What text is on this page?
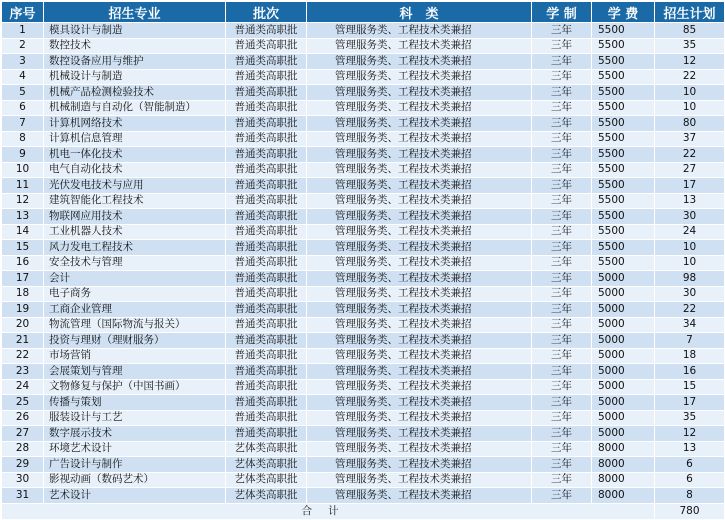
序号	招生专业	批次	科　类	学 制	学 费	招生计划
1	模具设计与制造	普通类高职批	管理服务类、工程技术类兼招	三年	5500	85
2	数控技术	普通类高职批	管理服务类、工程技术类兼招	三年	5500	35
3	数控设备应用与维护	普通类高职批	管理服务类、工程技术类兼招	三年	5500	12
4	机械设计与制造	普通类高职批	管理服务类、工程技术类兼招	三年	5500	22
5	机械产品检测检验技术	普通类高职批	管理服务类、工程技术类兼招	三年	5500	10
6	机械制造与自动化（智能制造）	普通类高职批	管理服务类、工程技术类兼招	三年	5500	10
7	计算机网络技术	普通类高职批	管理服务类、工程技术类兼招	三年	5500	80
8	计算机信息管理	普通类高职批	管理服务类、工程技术类兼招	三年	5500	37
9	机电一体化技术	普通类高职批	管理服务类、工程技术类兼招	三年	5500	22
10	电气自动化技术	普通类高职批	管理服务类、工程技术类兼招	三年	5500	27
11	光伏发电技术与应用	普通类高职批	管理服务类、工程技术类兼招	三年	5500	17
12	建筑智能化工程技术	普通类高职批	管理服务类、工程技术类兼招	三年	5500	13
13	物联网应用技术	普通类高职批	管理服务类、工程技术类兼招	三年	5500	30
14	工业机器人技术	普通类高职批	管理服务类、工程技术类兼招	三年	5500	24
15	风力发电工程技术	普通类高职批	管理服务类、工程技术类兼招	三年	5500	10
16	安全技术与管理	普通类高职批	管理服务类、工程技术类兼招	三年	5500	10
17	会计	普通类高职批	管理服务类、工程技术类兼招	三年	5000	98
18	电子商务	普通类高职批	管理服务类、工程技术类兼招	三年	5000	30
19	工商企业管理	普通类高职批	管理服务类、工程技术类兼招	三年	5000	22
20	物流管理（国际物流与报关）	普通类高职批	管理服务类、工程技术类兼招	三年	5000	34
21	投资与理财（理财服务）	普通类高职批	管理服务类、工程技术类兼招	三年	5000	7
22	市场营销	普通类高职批	管理服务类、工程技术类兼招	三年	5000	18
23	会展策划与管理	普通类高职批	管理服务类、工程技术类兼招	三年	5000	16
24	文物修复与保护（中国书画）	普通类高职批	管理服务类、工程技术类兼招	三年	5000	15
25	传播与策划	普通类高职批	管理服务类、工程技术类兼招	三年	5000	17
26	服装设计与工艺	普通类高职批	管理服务类、工程技术类兼招	三年	5000	35
27	数字展示技术	普通类高职批	管理服务类、工程技术类兼招	三年	5000	12
28	环境艺术设计	艺体类高职批	管理服务类、工程技术类兼招	三年	8000	13
29	广告设计与制作	艺体类高职批	管理服务类、工程技术类兼招	三年	8000	6
30	影视动画（数码艺术）	艺体类高职批	管理服务类、工程技术类兼招	三年	8000	6
31	艺术设计	艺体类高职批	管理服务类、工程技术类兼招	三年	8000	8
合计						780
